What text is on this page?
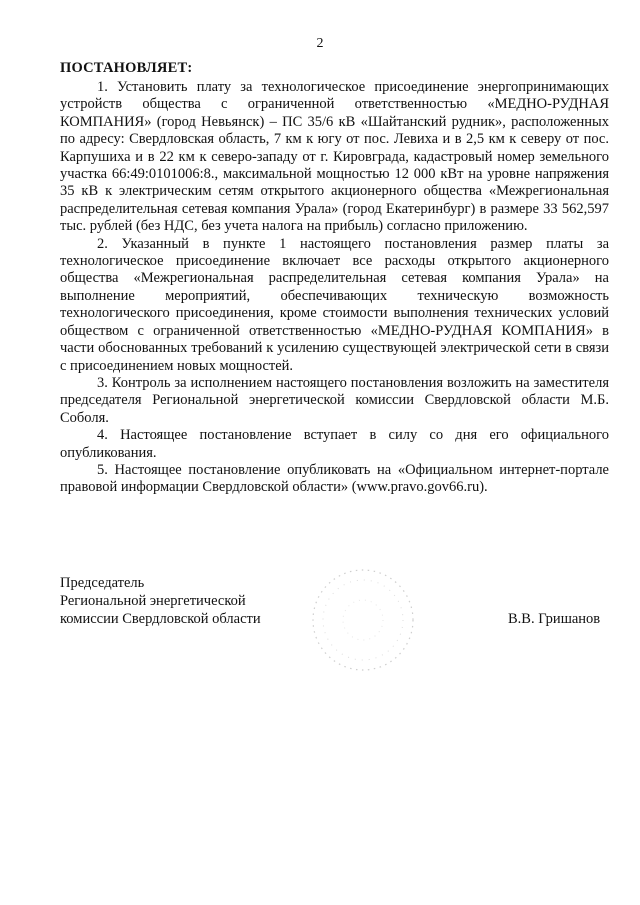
2
ПОСТАНОВЛЯЕТ:

1. Установить плату за технологическое присоединение энергопринимающих устройств общества с ограниченной ответственностью «МЕДНО-РУДНАЯ КОМПАНИЯ» (город Невьянск) – ПС 35/6 кВ «Шайтанский рудник», расположенных по адресу: Свердловская область, 7 км к югу от пос. Левиха и в 2,5 км к северу от пос. Карпушиха и в 22 км к северо-западу от г. Кировграда, кадастровый номер земельного участка 66:49:0101006:8., максимальной мощностью 12 000 кВт на уровне напряжения 35 кВ к электрическим сетям открытого акционерного общества «Межрегиональная распределительная сетевая компания Урала» (город Екатеринбург) в размере 33 562,597 тыс. рублей (без НДС, без учета налога на прибыль) согласно приложению.

2. Указанный в пункте 1 настоящего постановления размер платы за технологическое присоединение включает все расходы открытого акционерного общества «Межрегиональная распределительная сетевая компания Урала» на выполнение мероприятий, обеспечивающих техническую возможность технологического присоединения, кроме стоимости выполнения технических условий обществом с ограниченной ответственностью «МЕДНО-РУДНАЯ КОМПАНИЯ» в части обоснованных требований к усилению существующей электрической сети в связи с присоединением новых мощностей.

3. Контроль за исполнением настоящего постановления возложить на заместителя председателя Региональной энергетической комиссии Свердловской области М.Б. Соболя.

4. Настоящее постановление вступает в силу со дня его официального опубликования.

5. Настоящее постановление опубликовать на «Официальном интернет-портале правовой информации Свердловской области» (www.pravo.gov66.ru).

Председатель
Региональной энергетической
комиссии Свердловской области	В.В. Гришанов
